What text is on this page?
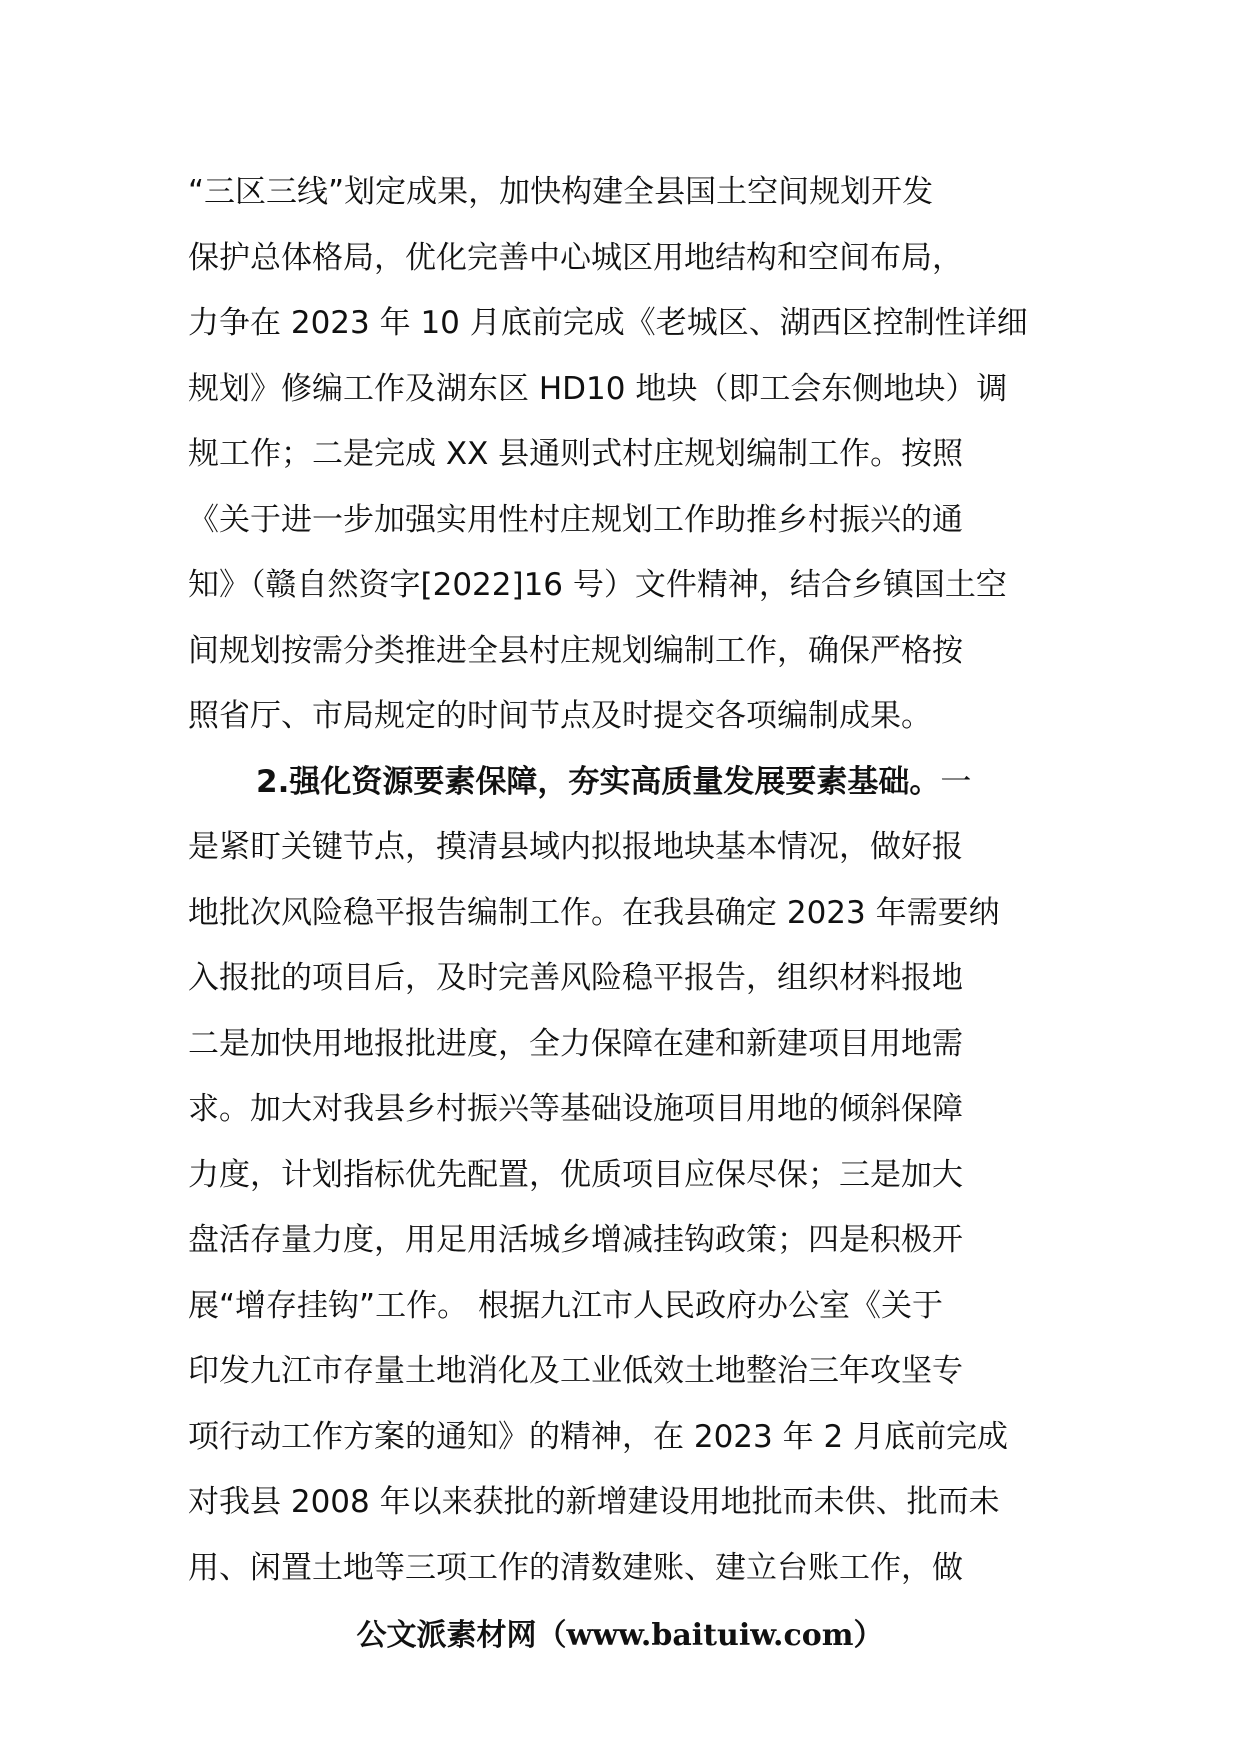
“三区三线”划定成果，加快构建全县国土空间规划开发
保护总体格局，优化完善中心城区用地结构和空间布局，
力争在 2023 年 10 月底前完成《老城区、湖西区控制性详细
规划》修编工作及湖东区 HD10 地块（即工会东侧地块）调
规工作；二是完成 XX 县通则式村庄规划编制工作。按照
《关于进一步加强实用性村庄规划工作助推乡村振兴的通
知》（赣自然资字[2022]16 号）文件精神，结合乡镇国土空
间规划按需分类推进全县村庄规划编制工作，确保严格按
照省厅、市局规定的时间节点及时提交各项编制成果。
2.强化资源要素保障，夯实高质量发展要素基础。一
是紧盯关键节点，摸清县域内拟报地块基本情况，做好报
地批次风险稳平报告编制工作。在我县确定 2023 年需要纳
入报批的项目后，及时完善风险稳平报告，组织材料报地
二是加快用地报批进度，全力保障在建和新建项目用地需
求。加大对我县乡村振兴等基础设施项目用地的倾斜保障
力度，计划指标优先配置，优质项目应保尽保；三是加大
盘活存量力度，用足用活城乡增减挂钩政策；四是积极开
展“增存挂钩”工作。 根据九江市人民政府办公室《关于
印发九江市存量土地消化及工业低效土地整治三年攻坚专
项行动工作方案的通知》的精神，在 2023 年 2 月底前完成
对我县 2008 年以来获批的新增建设用地批而未供、批而未
用、闲置土地等三项工作的清数建账、建立台账工作，做
公文派素材网（www.baituiw.com）
